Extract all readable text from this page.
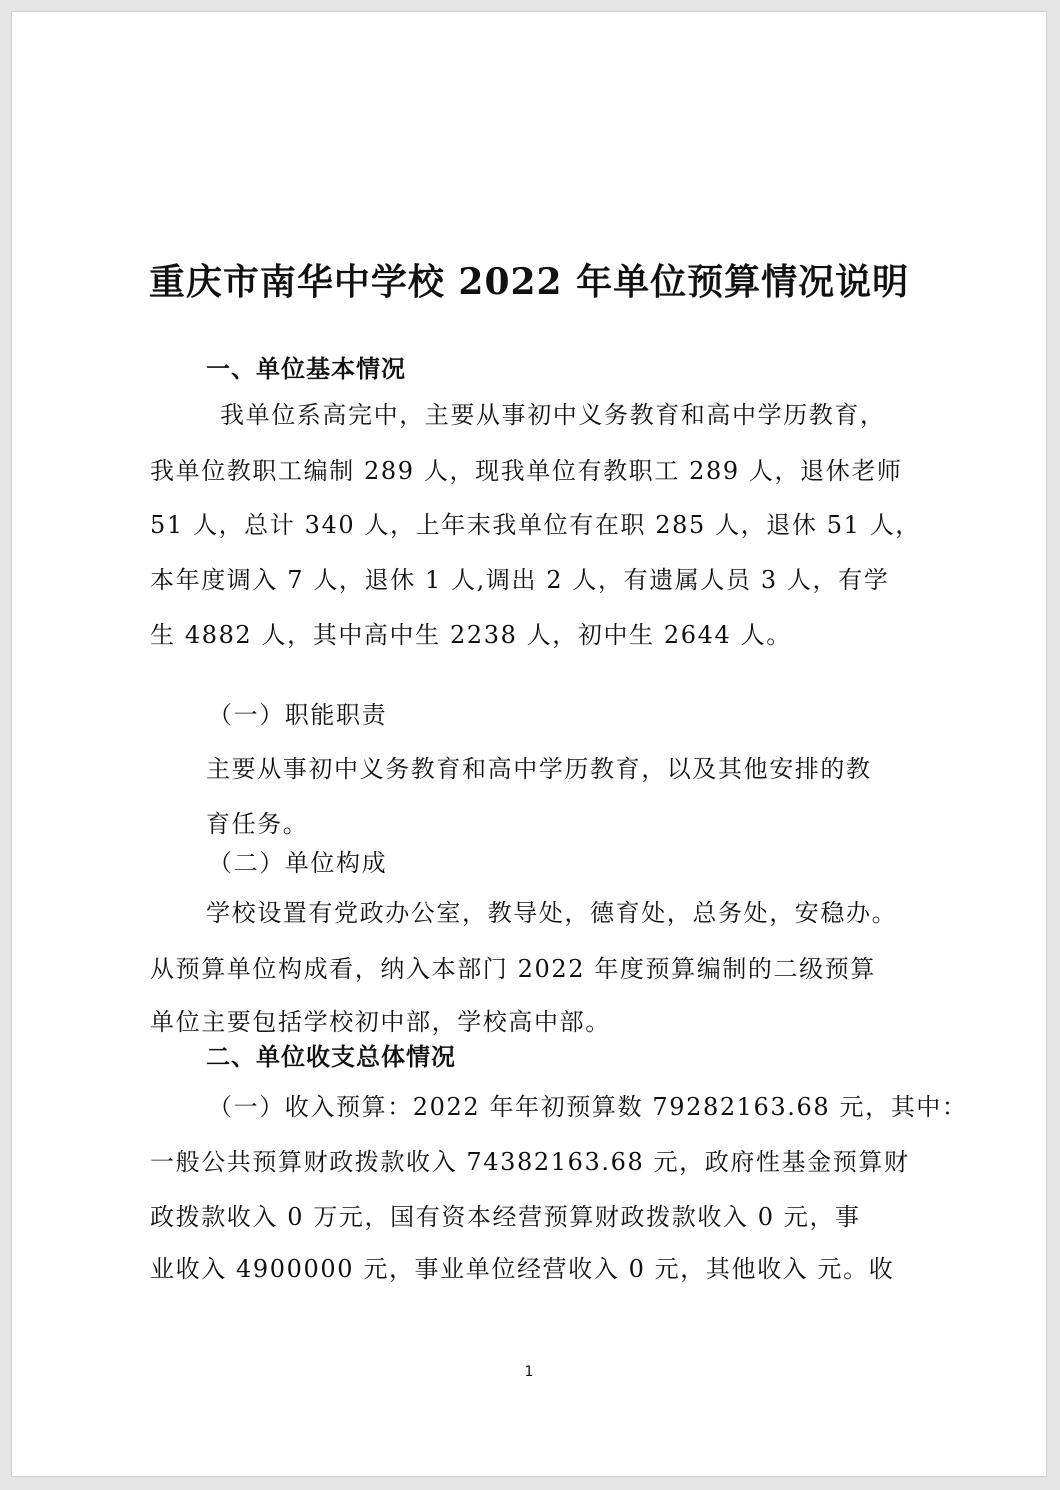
重庆市南华中学校 2022 年单位预算情况说明
一、单位基本情况
我单位系高完中，主要从事初中义务教育和高中学历教育，
我单位教职工编制 289 人，现我单位有教职工 289 人，退休老师
51 人，总计 340 人，上年末我单位有在职 285 人，退休 51 人，
本年度调入 7 人，退休 1 人,调出 2 人，有遗属人员 3 人，有学
生 4882 人，其中高中生 2238 人，初中生 2644 人。
（一）职能职责
主要从事初中义务教育和高中学历教育，以及其他安排的教
育任务。
（二）单位构成
学校设置有党政办公室，教导处，德育处，总务处，安稳办。
从预算单位构成看，纳入本部门 2022 年度预算编制的二级预算
单位主要包括学校初中部，学校高中部。
二、单位收支总体情况
（一）收入预算：2022 年年初预算数 79282163.68 元，其中：
一般公共预算财政拨款收入 74382163.68 元，政府性基金预算财
政拨款收入 0 万元，国有资本经营预算财政拨款收入 0 元，事
业收入 4900000 元，事业单位经营收入 0 元，其他收入 元。收
1
